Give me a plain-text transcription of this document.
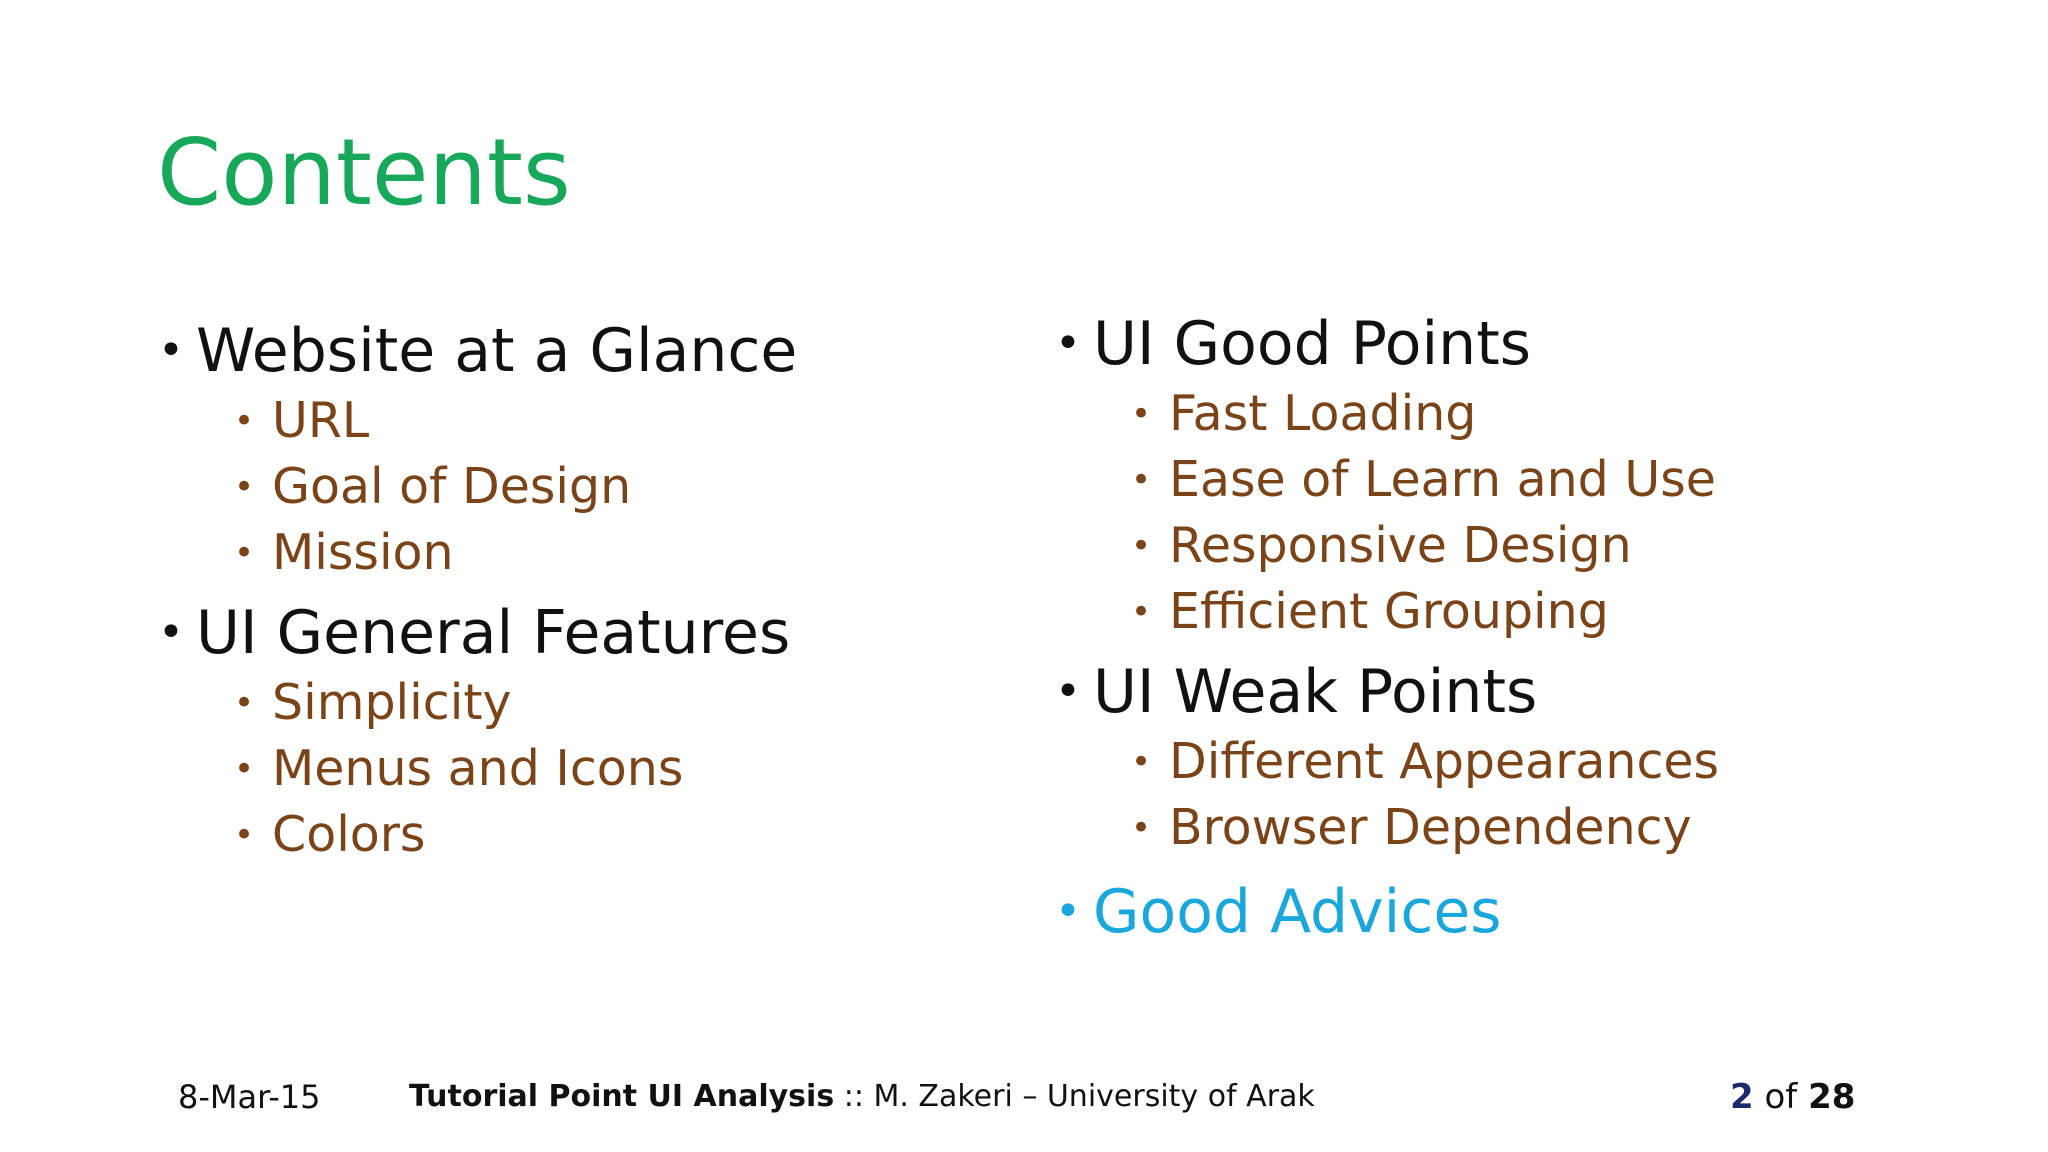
Contents
• Website at a Glance
• URL
• Goal of Design
• Mission
• UI General Features
• Simplicity
• Menus and Icons
• Colors
• UI Good Points
• Fast Loading
• Ease of Learn and Use
• Responsive Design
• Efficient Grouping
• UI Weak Points
• Different Appearances
• Browser Dependency
• Good Advices
8-Mar-15	Tutorial Point UI Analysis :: M. Zakeri – University of Arak	2 of 28
